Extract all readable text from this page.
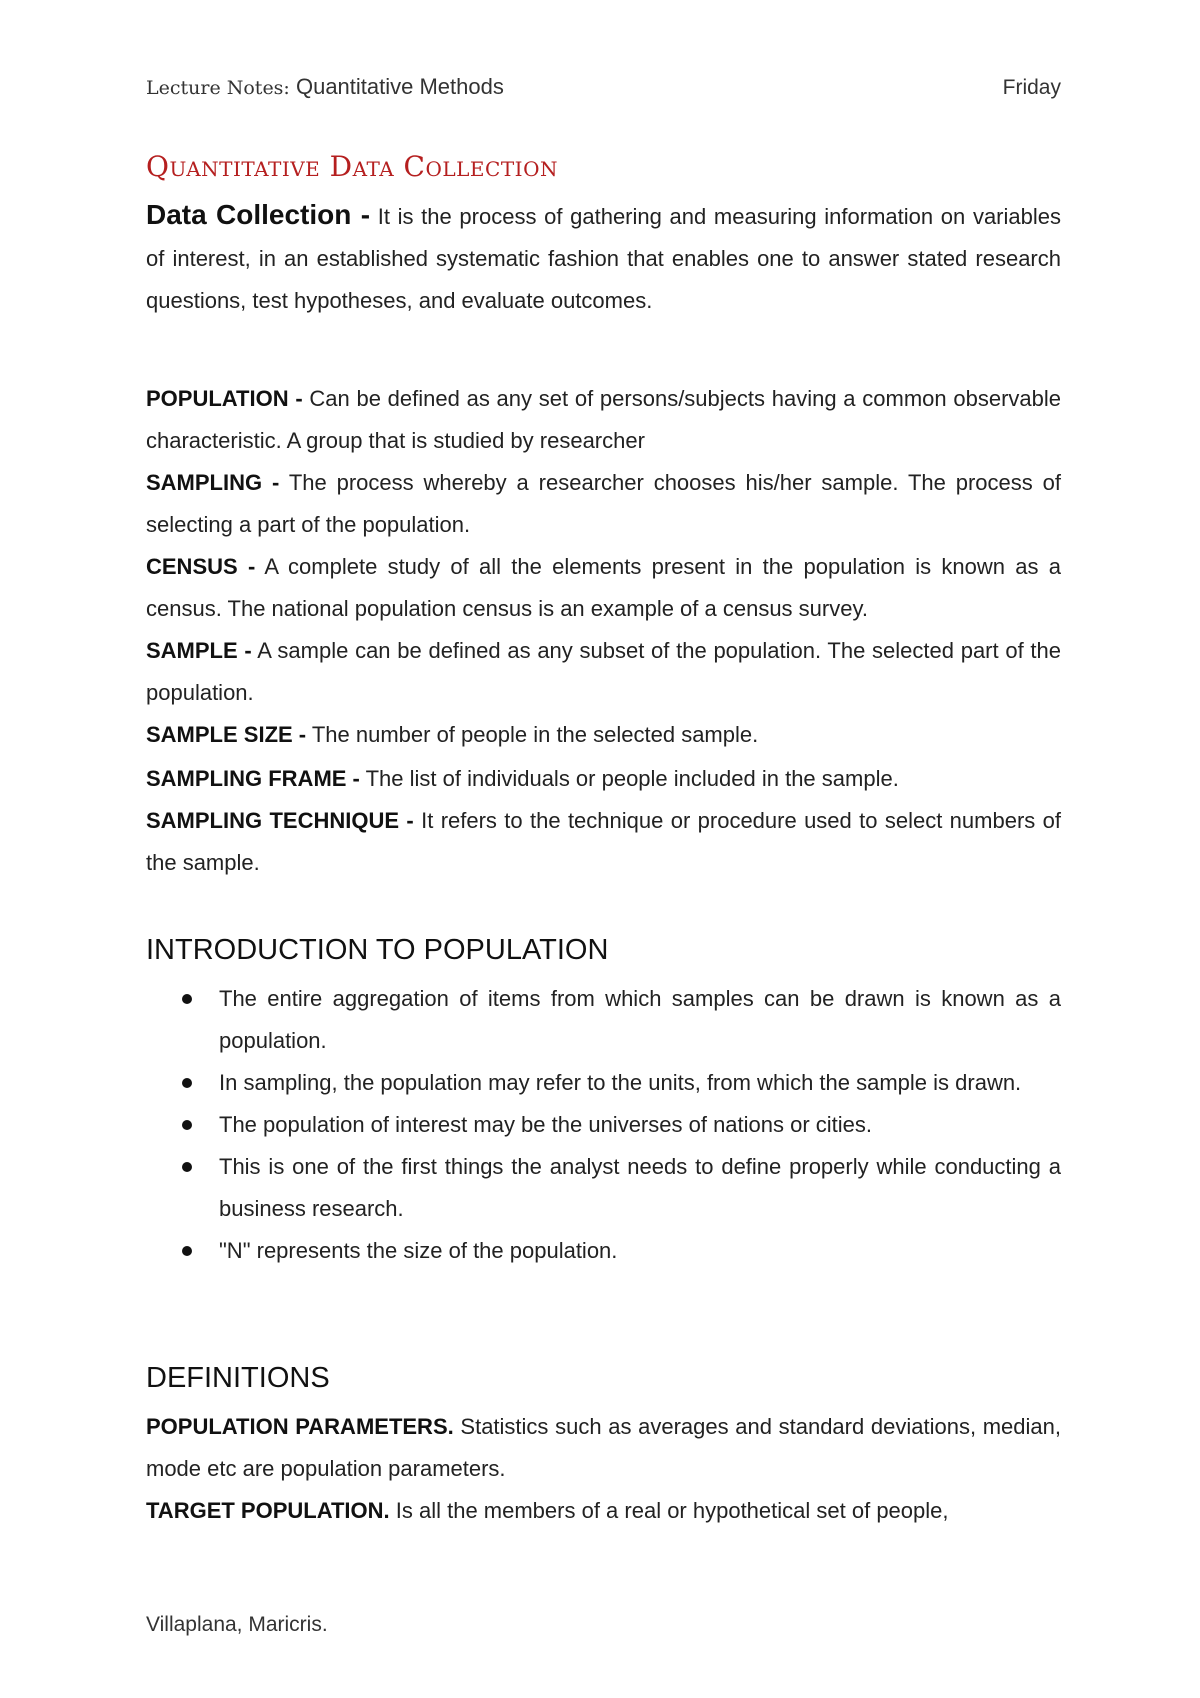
Lecture Notes: Quantitative Methods	Friday
Quantitative Data Collection
Data Collection - It is the process of gathering and measuring information on variables of interest, in an established systematic fashion that enables one to answer stated research questions, test hypotheses, and evaluate outcomes.
POPULATION - Can be defined as any set of persons/subjects having a common observable characteristic. A group that is studied by researcher
SAMPLING - The process whereby a researcher chooses his/her sample. The process of selecting a part of the population.
CENSUS - A complete study of all the elements present in the population is known as a census. The national population census is an example of a census survey.
SAMPLE - A sample can be defined as any subset of the population. The selected part of the population.
SAMPLE SIZE - The number of people in the selected sample.
SAMPLING FRAME - The list of individuals or people included in the sample.
SAMPLING TECHNIQUE - It refers to the technique or procedure used to select numbers of the sample.
INTRODUCTION TO POPULATION
The entire aggregation of items from which samples can be drawn is known as a population.
In sampling, the population may refer to the units, from which the sample is drawn.
The population of interest may be the universes of nations or cities.
This is one of the first things the analyst needs to define properly while conducting a business research.
"N" represents the size of the population.
DEFINITIONS
POPULATION PARAMETERS. Statistics such as averages and standard deviations, median, mode etc are population parameters.
TARGET POPULATION. Is all the members of a real or hypothetical set of people,
Villaplana, Maricris.
